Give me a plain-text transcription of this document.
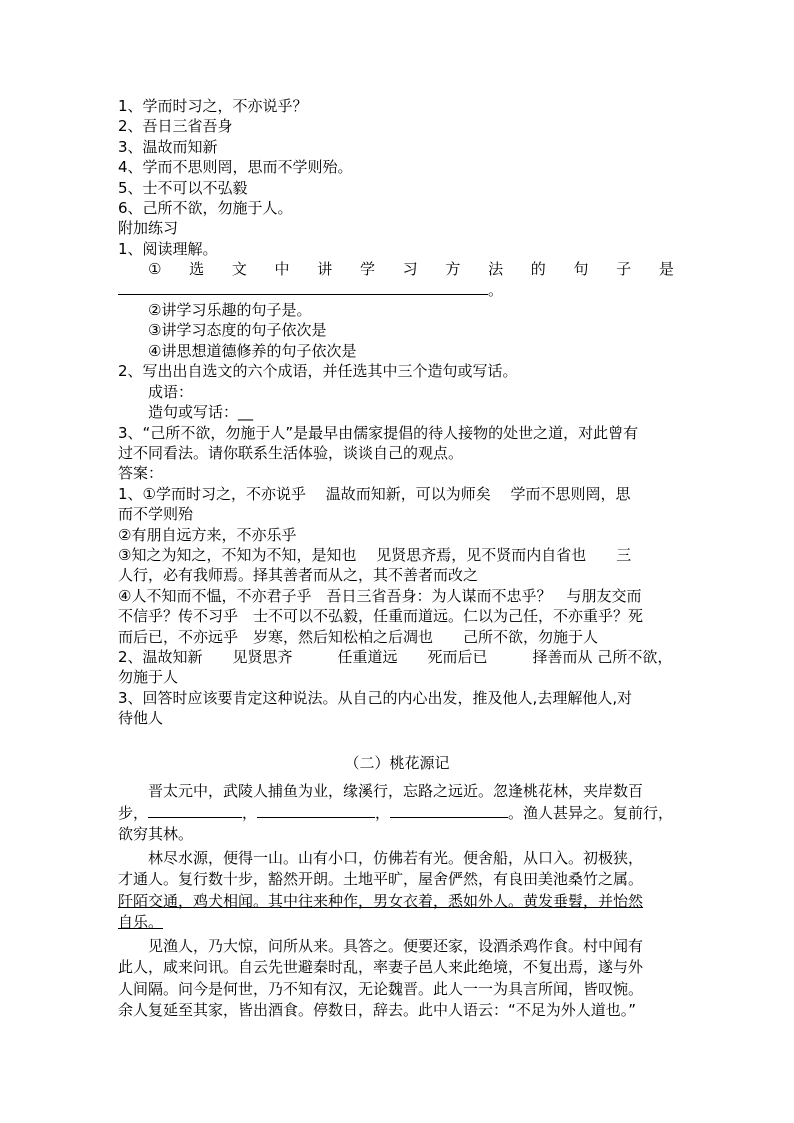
1、学而时习之，不亦说乎？
2、吾日三省吾身
3、温故而知新
4、学而不思则罔，思而不学则殆。
5、士不可以不弘毅
6、己所不欲，勿施于人。
附加练习
1、阅读理解。
① 选 文 中 讲 学 习 方 法 的 句 子 是
。
②讲学习乐趣的句子是。
③讲学习态度的句子依次是
④讲思想道德修养的句子依次是
2、写出出自选文的六个成语，并任选其中三个造句或写话。
成语：
造句或写话：__
3、“己所不欲，勿施于人”是最早由儒家提倡的待人接物的处世之道，对此曾有
过不同看法。请你联系生活体验，谈谈自己的观点。
答案：
1、①学而时习之，不亦说乎　 温故而知新，可以为师矣　 学而不思则罔，思
而不学则殆
②有朋自远方来，不亦乐乎
③知之为知之，不知为不知，是知也　 见贤思齐焉，见不贤而内自省也　　三
人行，必有我师焉。择其善者而从之，其不善者而改之
④人不知而不愠，不亦君子乎　吾日三省吾身：为人谋而不忠乎？　与朋友交而
不信乎？传不习乎　士不可以不弘毅，任重而道远。仁以为己任，不亦重乎？死
而后已，不亦远乎　岁寒，然后知松柏之后凋也　　己所不欲，勿施于人
2、温故知新　　见贤思齐　　　任重道远　　死而后已　　　择善而从 己所不欲，
勿施于人
3、回答时应该要肯定这种说法。从自己的内心出发，推及他人,去理解他人,对
待他人
（二）桃花源记
晋太元中，武陵人捕鱼为业，缘溪行，忘路之远近。忽逢桃花林，夹岸数百
步，	，	，	。渔人甚异之。复前行，
欲穷其林。
林尽水源，便得一山。山有小口，仿佛若有光。便舍船，从口入。初极狭，
才通人。复行数十步，豁然开朗。土地平旷，屋舍俨然，有良田美池桑竹之属。
阡陌交通，鸡犬相闻。其中往来种作，男女衣着，悉如外人。黄发垂髫，并怡然
自乐。
见渔人，乃大惊，问所从来。具答之。便要还家，设酒杀鸡作食。村中闻有
此人，咸来问讯。自云先世避秦时乱，率妻子邑人来此绝境，不复出焉，遂与外
人间隔。问今是何世，乃不知有汉，无论魏晋。此人一一为具言所闻，皆叹惋。
余人复延至其家，皆出酒食。停数日，辞去。此中人语云：“不足为外人道也。”
